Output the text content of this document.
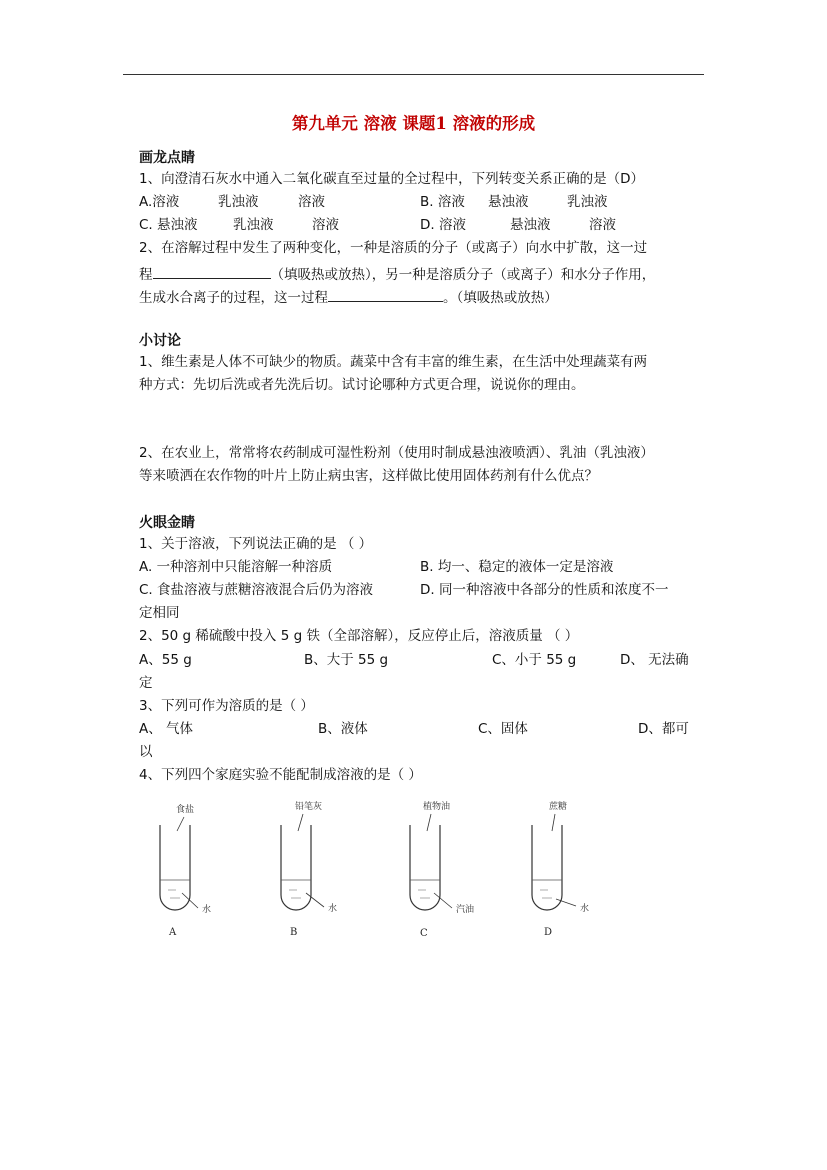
第九单元 溶液 课题1 溶液的形成
画龙点睛
1、向澄清石灰水中通入二氧化碳直至过量的全过程中，下列转变关系正确的是（D）
A.溶液	乳浊液	溶液	B. 溶液 悬浊液	乳浊液
C. 悬浊液	乳浊液	溶液	D. 溶液	悬浊液	溶液
2、在溶解过程中发生了两种变化，一种是溶质的分子（或离子）向水中扩散，这一过
程	（填吸热或放热），另一种是溶质分子（或离子）和水分子作用，
生成水合离子的过程，这一过程	。（填吸热或放热）
小讨论
1、维生素是人体不可缺少的物质。蔬菜中含有丰富的维生素，在生活中处理蔬菜有两
种方式：先切后洗或者先洗后切。试讨论哪种方式更合理，说说你的理由。
2、在农业上，常常将农药制成可湿性粉剂（使用时制成悬浊液喷洒）、乳油（乳浊液）
等来喷洒在农作物的叶片上防止病虫害，这样做比使用固体药剂有什么优点？
火眼金睛
1、关于溶液，下列说法正确的是 （ ）
A. 一种溶剂中只能溶解一种溶质	B. 均一、稳定的液体一定是溶液
C. 食盐溶液与蔗糖溶液混合后仍为溶液	D. 同一种溶液中各部分的性质和浓度不一
定相同
2、50 g 稀硫酸中投入 5 g 铁（全部溶解），反应停止后，溶液质量 （ ）
A、55 g	B、大于 55 g	C、小于 55 g	D、 无法确
定
3、下列可作为溶质的是（ ）
A、 气体	B、液体	C、固体	D、都可
以
4、下列四个家庭实验不能配制成溶液的是（ ）
食盐
水
A
铅笔灰
水
B
植物油
汽油
C
蔗糖
水
D
